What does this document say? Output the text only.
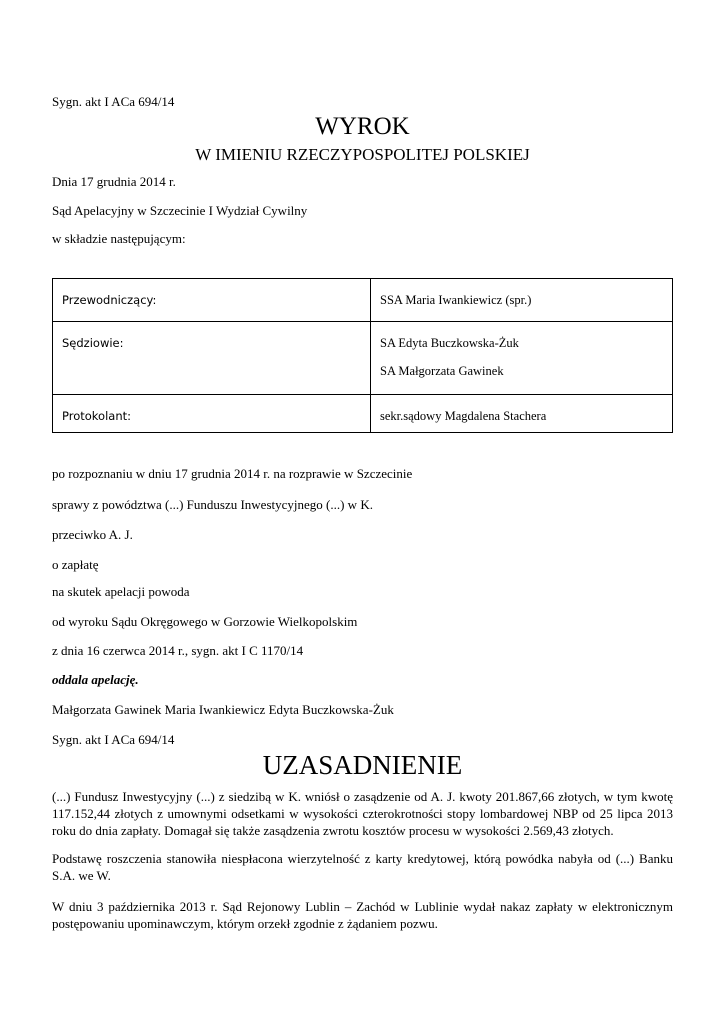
Sygn. akt I ACa 694/14
WYROK
W IMIENIU RZECZYPOSPOLITEJ POLSKIEJ
Dnia 17 grudnia 2014 r.
Sąd Apelacyjny w Szczecinie I Wydział Cywilny
w składzie następującym:
Przewodniczący:	SSA Maria Iwankiewicz (spr.)

Sędziowie:	SA Edyta Buczkowska-Żuk
SA Małgorzata Gawinek

Protokolant:	sekr.sądowy Magdalena Stachera
po rozpoznaniu w dniu 17 grudnia 2014 r. na rozprawie w Szczecinie
sprawy z powództwa (...) Funduszu Inwestycyjnego (...) w K.
przeciwko A. J.
o zapłatę
na skutek apelacji powoda
od wyroku Sądu Okręgowego w Gorzowie Wielkopolskim
z dnia 16 czerwca 2014 r., sygn. akt I C 1170/14
oddala apelację.
Małgorzata Gawinek Maria Iwankiewicz Edyta Buczkowska-Żuk
Sygn. akt I ACa 694/14
UZASADNIENIE
(...) Fundusz Inwestycyjny (...) z siedzibą w K. wniósł o zasądzenie od A. J. kwoty 201.867,66 złotych, w tym kwotę 117.152,44 złotych z umownymi odsetkami w wysokości czterokrotności stopy lombardowej NBP od 25 lipca 2013 roku do dnia zapłaty. Domagał się także zasądzenia zwrotu kosztów procesu w wysokości 2.569,43 złotych.
Podstawę roszczenia stanowiła niespłacona wierzytelność z karty kredytowej, którą powódka nabyła od (...) Banku S.A. we W.
W dniu 3 października 2013 r. Sąd Rejonowy Lublin – Zachód w Lublinie wydał nakaz zapłaty w elektronicznym postępowaniu upominawczym, którym orzekł zgodnie z żądaniem pozwu.
